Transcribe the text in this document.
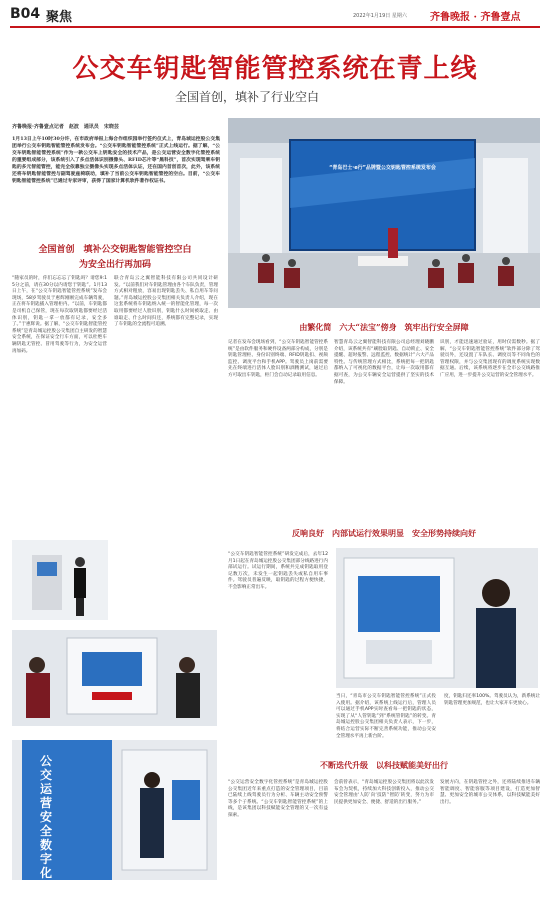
B04 聚焦	2022年1月19日 星期六 齐鲁晚报 · 齐鲁壹点
公交车钥匙智能管控系统在青上线
全国首创，填补了行业空白
齐鲁晚报·齐鲁壹点记者　赵波　通讯员　宋晓芸

1月13日上午10时30分许，在市政府举报上海合作组织园举行签约仪式上，青岛城运控股公交集团举行公交车钥匙智能管控系统发布会。“公交车钥匙智能管控系统”正式上线运行。据了解，“公交车钥匙智能管控系统”作为一款公交车上钥匙安全的技术产品，是公交运营安全数字化管控系统的重要组成部分，该系统引入了多点活体识别摄像头、RFID芯片等“黑科技”，首次实现驾乘车钥匙的多元智能管控，能完全依靠独立摄像头实现多点活体认证，还在国内首创首次，此外，该系统还将车钥匙智能管控与副驾驶座椅联动，填补了当前公交车钥匙智能管控的空白。目前，“公交车钥匙智能管控系统”已通过专家评审，获得了国家计算机软件著作权证书。

“青岛巴士·e行”品牌暨公交钥匙管控系统发布会
全国首创　填补公交钥匙智能管控空白
为安全出行再加码

“随家员的时，你们忘忘忘了钥匙吗？请您9:15分之前，请在30分以内请您于钥匙”。1月13日上午，在“公交车钥匙智能管控系统”发布会现场，58岁驾驶员于惠辉刚刚完成车辆驾驶，正在将车钥匙插入管理柜内。“以前，车钥匙都是司机自己保管，现在每次取钥匙都要经过活体识别，钥匙一拿一放都有记录，安全多了。”于惠辉说。据了解，“公交车钥匙智能管控系统”是青岛城运控股公交集团自主研发的智慧安全系统，在保证安全行车方面，可以杜绝车辆钥匙无管控、冒用驾驶等行为，为安全运营再加码。

联合青岛云之翼智能科技有限公司共同设计研发。“以前我们对车钥匙管理由各个车队负责，管理方式相对粗放，容易出现钥匙丢失、私自用车等问题。”青岛城运控股公交集团相关负责人介绍，现在这套系统将车钥匙纳入统一的智能化管理，每一次取用都要经过人脸识别，钥匙什么时间被取走、由谁取走、什么时间归还，系统都有完整记录，实现了车钥匙的全流程可追溯。	由繁化简　六大“法宝”傍身　筑牢出行安全屏障

记者在发布会现场看到，“公交车钥匙智能管控系统”是由软件服务和硬件设备两部分构成，分别是钥匙管理柜、身份识别终端、RFID钥匙扣、视频监控、调度平台和手机APP。驾驶员上岗前需要先在终端进行活体人脸识别和酒精测试，通过后方可取出车钥匙，柜门会自动记录取用信息。

智慧青岛云之翼智能科技有限公司总经理刘晓鹏介绍，该系统共有“刷脸取钥匙、自动锁止、安全提醒、超时报警、远程监控、数据统计”六大产品特性。与传统管理方式相比，系统把每一把钥匙都纳入了可视化的数据平台，让每一次取用都有据可查，为公交车辆安全运营提供了坚实的技术保障。

识别，才能迅速通过验证，用时仅需数秒。据了解，“公交车钥匙智能管控系统”软件部分除了驾驶员外，还设置了车队长、调度员等不同角色的管理权限，并与公交集团现有的调度系统实现数据互通。后续，该系统将逐步在全市公交线路推广应用，进一步提升公交运营的安全管理水平。

反响良好　内部试运行效果明显　安全形势持续向好

“公交车钥匙智能管控系统”研发完成后，去年12月1日起在青岛城运控股公交集团部分线路进行内部试运行。试运行期间，系统共完成钥匙取用登记数万次，未发生一起钥匙丢失或私自用车事件。驾驶员普遍反映，取钥匙的过程方便快捷，不会影响正常出车。

当日，“青岛市公交车钥匙智能管控系统”正式投入使用。据介绍，该系统上线运行后，管理人员可以通过手机APP实时查看每一把钥匙的状态，实现了从“人管钥匙”到“系统管钥匙”的转变。青岛城运控股公交集团相关负责人表示，下一步，将结合运营实际不断完善系统功能，推动公交安全管理水平再上新台阶。

度，钥匙归还率100%。驾驶员认为，新系统让钥匙管理更加规范，也让大家开车更放心。

公交运营安全数字化管控
不断迭代升级　以科技赋能美好出行

“公交运营安全数字化管控系统”是青岛城运控股公交集团近年来重点打造的安全管理项目，目前已陆续上线驾驶员行为分析、车辆主动安全预警等多个子系统。“公交车钥匙智能管控系统”的上线，是该集团以科技赋能安全管理的又一次有益探索。

会前曾表示，“青岛城运控股公交集团将以此次发布会为契机，持续加大科技创新投入，推动公交安全管理由‘人防’向‘技防’‘智防’转变，努力为市民提供更加安全、便捷、舒适的出行服务。”

发展方向，在钥匙管控之外，还将陆续推进车辆智能调度、智能客服等项目建设，打造更加智慧、更加安全的城市公交体系，以科技赋能美好出行。
